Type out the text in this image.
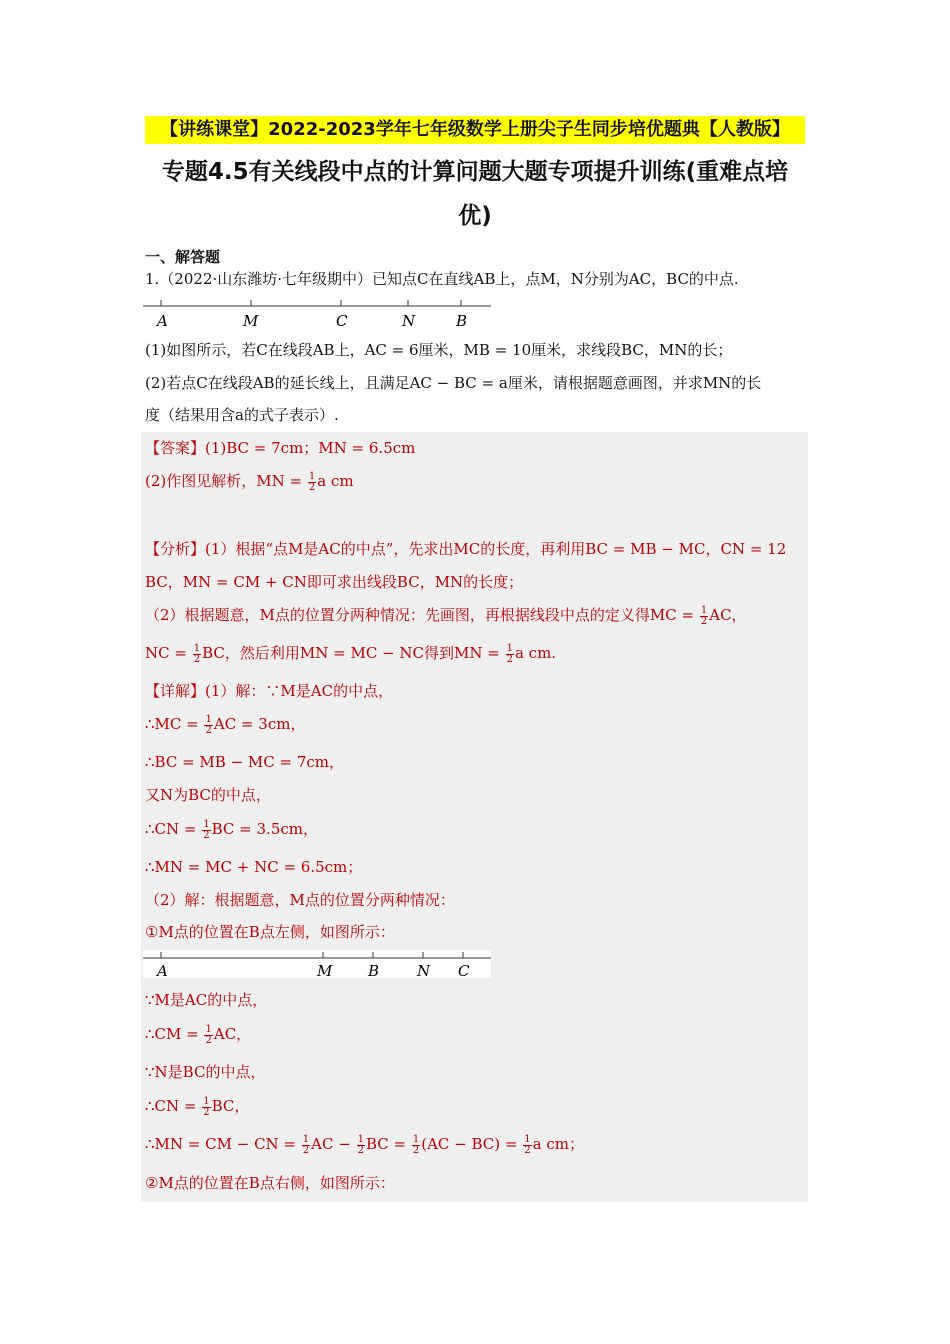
【讲练课堂】2022-2023学年七年级数学上册尖子生同步培优题典【人教版】
专题4.5有关线段中点的计算问题大题专项提升训练(重难点培
优)
一、解答题
1.（2022·山东潍坊·七年级期中）已知点C在直线AB上，点M，N分别为AC，BC的中点.
A	M	C	N	B
(1)如图所示，若C在线段AB上，AC = 6厘米，MB = 10厘米，求线段BC，MN的长；
(2)若点C在线段AB的延长线上，且满足AC − BC = a厘米，请根据题意画图，并求MN的长
度（结果用含a的式子表示）.
【答案】(1)BC = 7cm；MN = 6.5cm
(2)作图见解析，MN = $\frac{1}{2}$ a cm
【分析】(1）根据“点M是AC的中点”，先求出MC的长度，再利用BC = MB − MC，CN = 12
BC，MN = CM + CN即可求出线段BC，MN的长度；
（2）根据题意，M点的位置分两种情况：先画图，再根据线段中点的定义得MC = $\frac{1}{2}$ AC，
NC = $\frac{1}{2}$ BC，然后利用MN = MC − NC得到MN = $\frac{1}{2}$ a cm.
【详解】(1）解：∵M是AC的中点，
∴MC = $\frac{1}{2}$ AC = 3cm，
∴BC = MB − MC = 7cm，
又N为BC的中点，
∴CN = $\frac{1}{2}$ BC = 3.5cm，
∴MN = MC + NC = 6.5cm；
（2）解：根据题意，M点的位置分两种情况：
①M点的位置在B点左侧，如图所示：
A	M B	N C
∵M是AC的中点，
∴CM = $\frac{1}{2}$ AC，
∵N是BC的中点，
∴CN = $\frac{1}{2}$ BC，
∴MN = CM − CN = $\frac{1}{2}$ AC − $\frac{1}{2}$ BC = $\frac{1}{2} (AC - BC) = \frac{1}{2}$ a cm；
②M点的位置在B点右侧，如图所示：
